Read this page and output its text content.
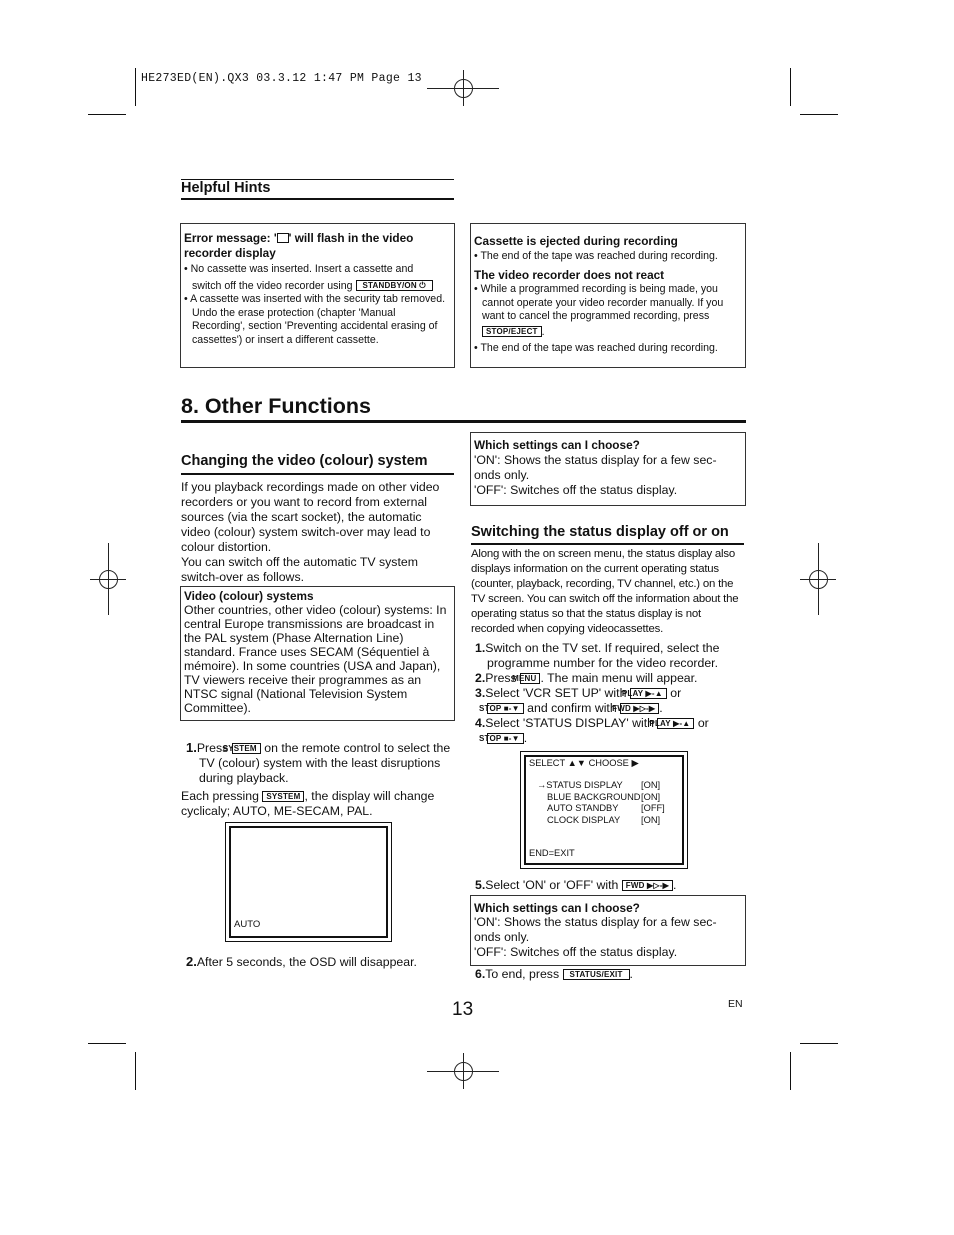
HE273ED(EN).QX3 03.3.12 1:47 PM Page 13
Helpful Hints
Error message: ' ' will flash in the video recorder display
• No cassette was inserted. Insert a cassette and
switch off the video recorder using STANDBY/ON ⏻
• A cassette was inserted with the security tab removed.
Undo the erase protection (chapter 'Manual Recording', section 'Preventing accidental erasing of cassettes') or insert a different cassette.
Cassette is ejected during recording
• The end of the tape was reached during recording.
The video recorder does not react
• While a programmed recording is being made, you cannot operate your video recorder manually. If you want to cancel the programmed recording, press
STOP/EJECT .
• The end of the tape was reached during recording.
8. Other Functions
Changing the video (colour) system
If you playback recordings made on other video recorders or you want to record from external sources (via the scart socket), the automatic video (colour) system switch-over may lead to colour distortion.
You can switch off the automatic TV system switch-over as follows.
Video (colour) systems
Other countries, other video (colour) systems: In central Europe transmissions are broadcast in the PAL system (Phase Alternation Line) standard. France uses SECAM (Séquentiel à mémoire). In some countries (USA and Japan), TV viewers receive their programmes as an NTSC signal (National Television System Committee).
1.Press SYSTEM on the remote control to select the TV (colour) system with the least disruptions during playback.
Each pressing SYSTEM , the display will change cyclicaly; AUTO, ME-SECAM, PAL.
AUTO
2.After 5 seconds, the OSD will disappear.
Which settings can I choose?
'ON': Shows the status display for a few sec-onds only.
'OFF': Switches off the status display.
Switching the status display off or on
Along with the on screen menu, the status display also displays information on the current operating status (counter, playback, recording, TV channel, etc.) on the TV screen. You can switch off the information about the operating status so that the status display is not recorded when copying videocassettes.
1.Switch on the TV set. If required, select the programme number for the video recorder.
2.Press MENU . The main menu will appear.
3.Select 'VCR SET UP' with PLAY ▶-▲ or
STOP ■-▼ and confirm with FWD ▶▷-▶ .
4.Select 'STATUS DISPLAY' with PLAY ▶-▲ or
STOP ■-▼ .
SELECT ▲▼ CHOOSE ▶
→STATUS DISPLAY [ON]
BLUE BACKGROUND [ON]
AUTO STANDBY [OFF]
CLOCK DISPLAY [ON]
END=EXIT
5.Select 'ON' or 'OFF' with FWD ▶▷-▶ .
Which settings can I choose?
'ON': Shows the status display for a few sec-onds only.
'OFF': Switches off the status display.
6.To end, press STATUS/EXIT .
13	EN
